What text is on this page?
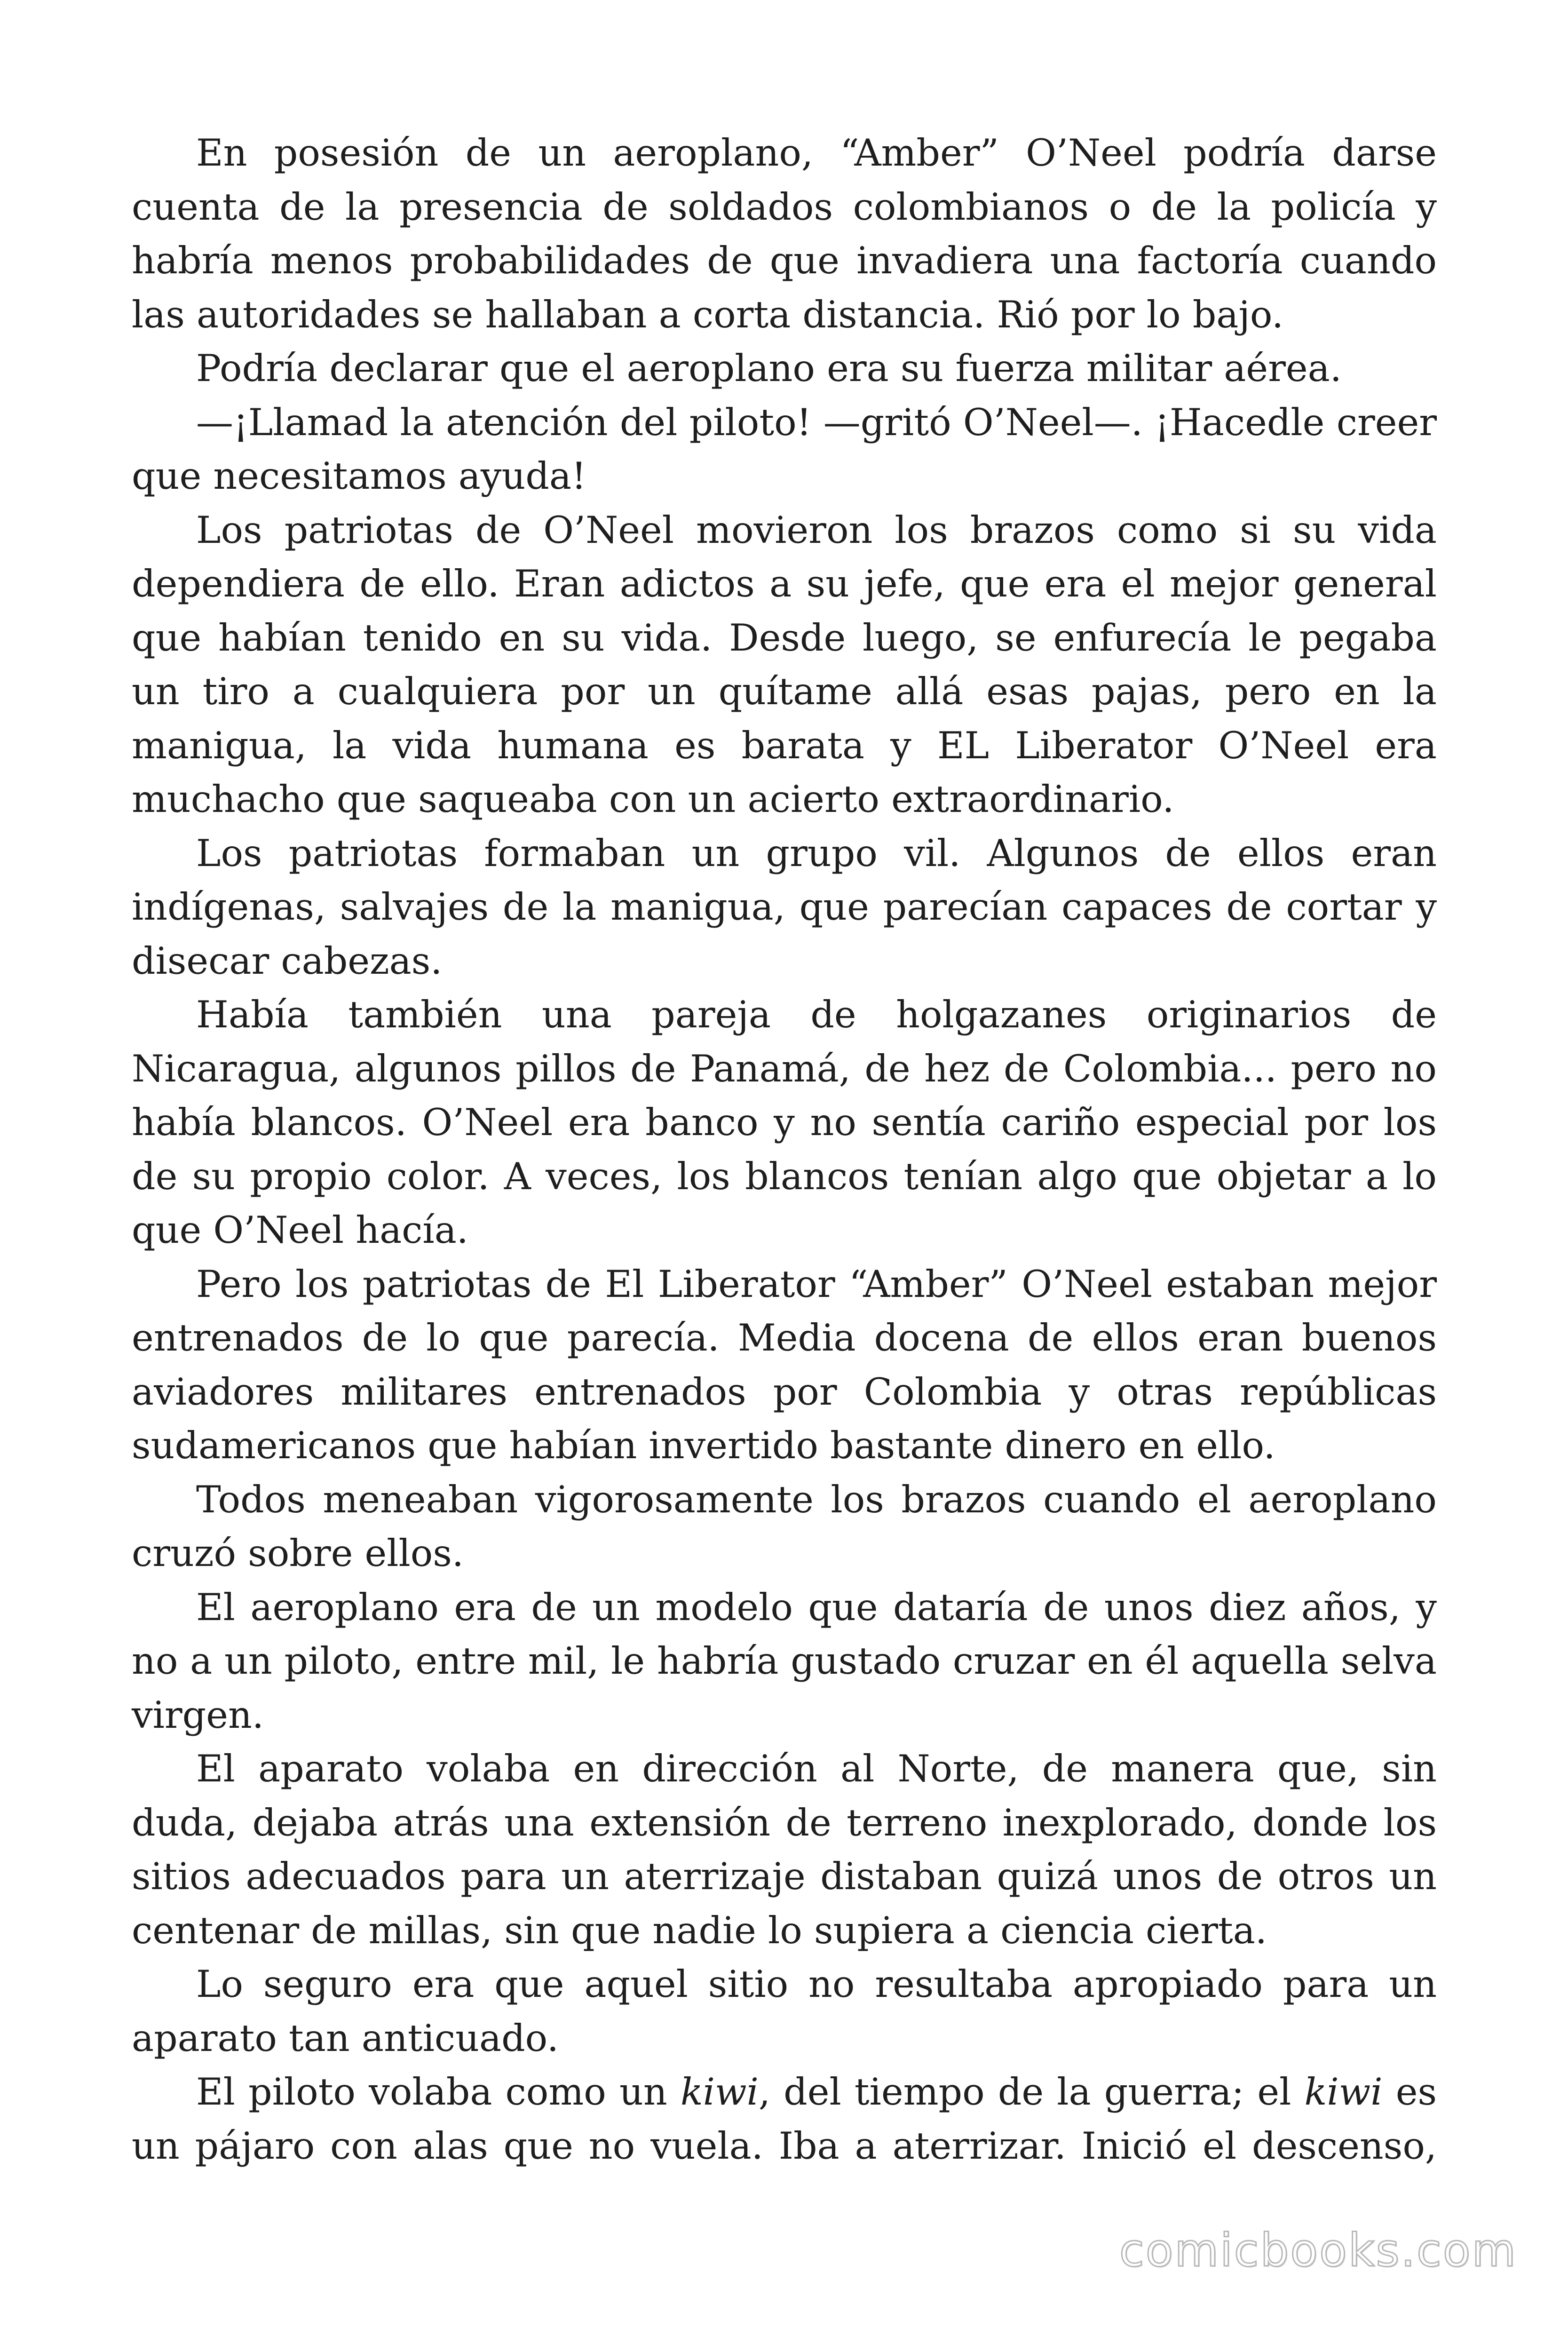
En posesión de un aeroplano, “Amber” O’Neel podría darse cuenta de la presencia de soldados colombianos o de la policía y habría menos probabilidades de que invadiera una factoría cuando las autoridades se hallaban a corta distancia. Rió por lo bajo.

Podría declarar que el aeroplano era su fuerza militar aérea.

—¡Llamad la atención del piloto! —gritó O’Neel—. ¡Hacedle creer que necesitamos ayuda!

Los patriotas de O’Neel movieron los brazos como si su vida dependiera de ello. Eran adictos a su jefe, que era el mejor general que habían tenido en su vida. Desde luego, se enfurecía le pegaba un tiro a cualquiera por un quítame allá esas pajas, pero en la manigua, la vida humana es barata y EL Liberator O’Neel era muchacho que saqueaba con un acierto extraordinario.

Los patriotas formaban un grupo vil. Algunos de ellos eran indígenas, salvajes de la manigua, que parecían capaces de cortar y disecar cabezas.

Había también una pareja de holgazanes originarios de Nicaragua, algunos pillos de Panamá, de hez de Colombia... pero no había blancos. O’Neel era banco y no sentía cariño especial por los de su propio color. A veces, los blancos tenían algo que objetar a lo que O’Neel hacía.

Pero los patriotas de El Liberator “Amber” O’Neel estaban mejor entrenados de lo que parecía. Media docena de ellos eran buenos aviadores militares entrenados por Colombia y otras repúblicas sudamericanos que habían invertido bastante dinero en ello.

Todos meneaban vigorosamente los brazos cuando el aeroplano cruzó sobre ellos.

El aeroplano era de un modelo que dataría de unos diez años, y no a un piloto, entre mil, le habría gustado cruzar en él aquella selva virgen.

El aparato volaba en dirección al Norte, de manera que, sin duda, dejaba atrás una extensión de terreno inexplorado, donde los sitios adecuados para un aterrizaje distaban quizá unos de otros un centenar de millas, sin que nadie lo supiera a ciencia cierta.

Lo seguro era que aquel sitio no resultaba apropiado para un aparato tan anticuado.

El piloto volaba como un kiwi, del tiempo de la guerra; el kiwi es un pájaro con alas que no vuela. Iba a aterrizar. Inició el descenso,

comicbooks.com
